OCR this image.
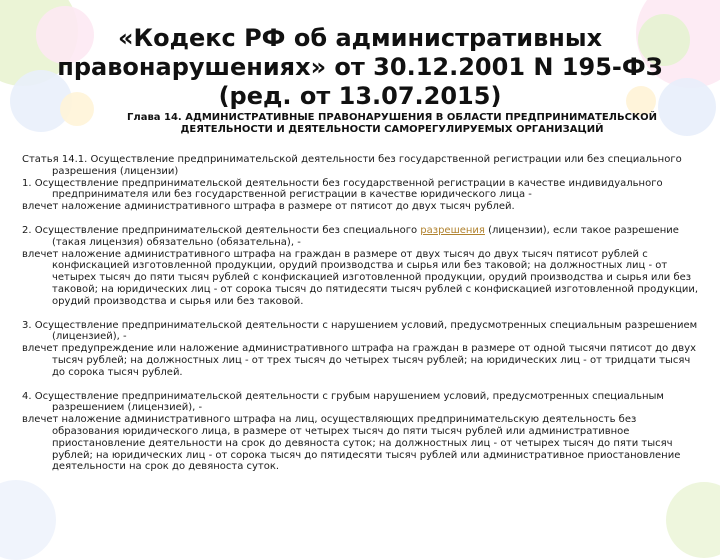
«Кодекс РФ об административных правонарушениях» от 30.12.2001 N 195-ФЗ (ред. от 13.07.2015)
Глава 14. АДМИНИСТРАТИВНЫЕ ПРАВОНАРУШЕНИЯ В ОБЛАСТИ ПРЕДПРИНИМАТЕЛЬСКОЙ ДЕЯТЕЛЬНОСТИ И ДЕЯТЕЛЬНОСТИ САМОРЕГУЛИРУЕМЫХ ОРГАНИЗАЦИЙ

Статья 14.1. Осуществление предпринимательской деятельности без государственной регистрации или без специального разрешения (лицензии)

1. Осуществление предпринимательской деятельности без государственной регистрации в качестве индивидуального предпринимателя или без государственной регистрации в качестве юридического лица -

влечет наложение административного штрафа в размере от пятисот до двух тысяч рублей.

2. Осуществление предпринимательской деятельности без специального разрешения (лицензии), если такое разрешение (такая лицензия) обязательно (обязательна), -

влечет наложение административного штрафа на граждан в размере от двух тысяч до двух тысяч пятисот рублей с конфискацией изготовленной продукции, орудий производства и сырья или без таковой; на должностных лиц - от четырех тысяч до пяти тысяч рублей с конфискацией изготовленной продукции, орудий производства и сырья или без таковой; на юридических лиц - от сорока тысяч до пятидесяти тысяч рублей с конфискацией изготовленной продукции, орудий производства и сырья или без таковой.

3. Осуществление предпринимательской деятельности с нарушением условий, предусмотренных специальным разрешением (лицензией), -

влечет предупреждение или наложение административного штрафа на граждан в размере от одной тысячи пятисот до двух тысяч рублей; на должностных лиц - от трех тысяч до четырех тысяч рублей; на юридических лиц - от тридцати тысяч до сорока тысяч рублей.

4. Осуществление предпринимательской деятельности с грубым нарушением условий, предусмотренных специальным разрешением (лицензией), -

влечет наложение административного штрафа на лиц, осуществляющих предпринимательскую деятельность без образования юридического лица, в размере от четырех тысяч до пяти тысяч рублей или административное приостановление деятельности на срок до девяноста суток; на должностных лиц - от четырех тысяч до пяти тысяч рублей; на юридических лиц - от сорока тысяч до пятидесяти тысяч рублей или административное приостановление деятельности на срок до девяноста суток.
